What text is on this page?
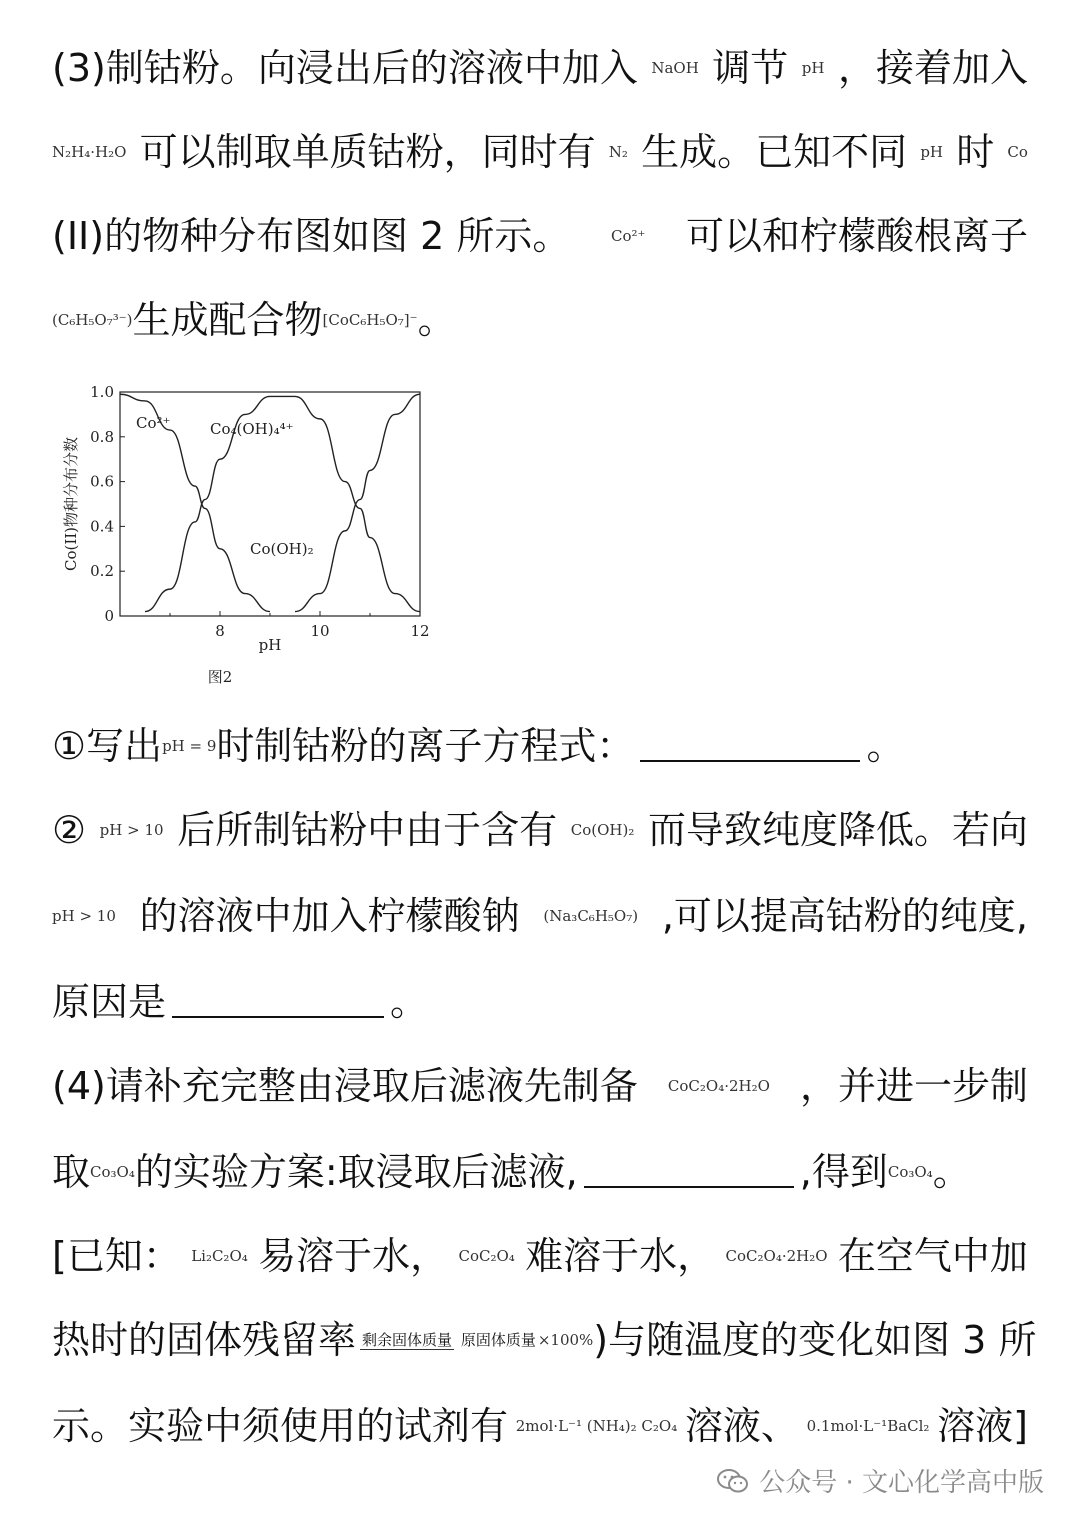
(3)制钴粉。向浸出后的溶液中加入 NaOH 调节 pH ，接着加入
N₂H₄·H₂O 可以制取单质钴粉，同时有 N₂ 生成。已知不同 pH 时 Co
(II)的物种分布图如图 2 所示。	Co²⁺ 可以和柠檬酸根离子
(C₆H₅O₇³⁻) 生成配合物 [CoC₆H₅O₇]⁻ 。
0
0.2
0.4
0.6
0.8
1.0
8	10	12
pH
Co(II)物种分布分数
Co²⁺	Co₄(OH)₄⁴⁺
Co(OH)₂
图2
①写出 pH = 9 时制钴粉的离子方程式：	。
② pH > 10 后所制钴粉中由于含有 Co(OH)₂ 而导致纯度降低。若向
pH > 10 的溶液中加入柠檬酸钠 (Na₃C₆H₅O₇) ,可以提高钴粉的纯度,
原因是	。
(4)请补充完整由浸取后滤液先制备 CoC₂O₄·2H₂O ，并进一步制
取 Co₃O₄ 的实验方案:取浸取后滤液,	,得到 Co₃O₄ 。
[已知： Li₂C₂O₄ 易溶于水， CoC₂O₄ 难溶于水， CoC₂O₄·2H₂O 在空气中加
热时的固体残留率 剩余固体质量 原固体质量 ×100% )与随温度的变化如图 3 所
示。实验中须使用的试剂有 2mol·L⁻¹ (NH₄)₂ C₂O₄ 溶液、 0.1mol·L⁻¹BaCl₂ 溶液]
公众号 · 文心化学高中版
